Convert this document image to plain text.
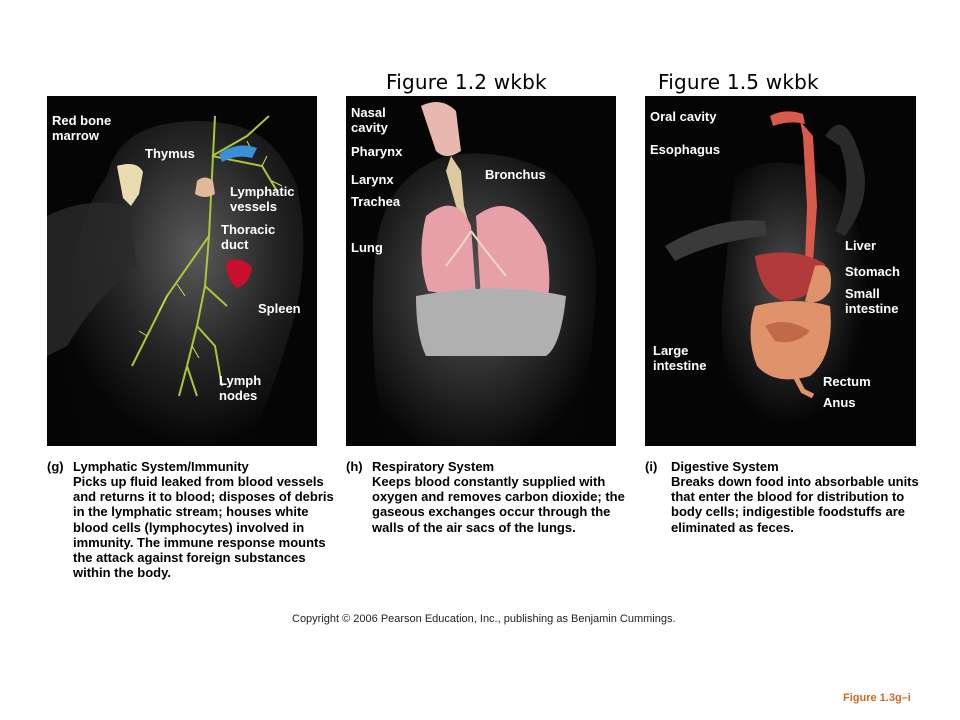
Figure 1.2 wkbk	Figure 1.5 wkbk
Red bone
marrow
Thymus
Lymphatic
vessels
Thoracic
duct
Spleen
Lymph
nodes
Nasal
cavity
Pharynx
Larynx
Trachea
Lung
Bronchus
Oral cavity
Esophagus
Liver
Stomach
Small
intestine
Large
intestine
Rectum
Anus
(g) Lymphatic System/Immunity
Picks up fluid leaked from blood vessels and returns it to blood; disposes of debris in the lymphatic stream; houses white blood cells (lymphocytes) involved in immunity. The immune response mounts the attack against foreign substances within the body.
(h) Respiratory System
Keeps blood constantly supplied with oxygen and removes carbon dioxide; the gaseous exchanges occur through the walls of the air sacs of the lungs.
(i) Digestive System
Breaks down food into absorbable units that enter the blood for distribution to body cells; indigestible foodstuffs are eliminated as feces.
Copyright © 2006 Pearson Education, Inc., publishing as Benjamin Cummings.
Figure 1.3g–i
